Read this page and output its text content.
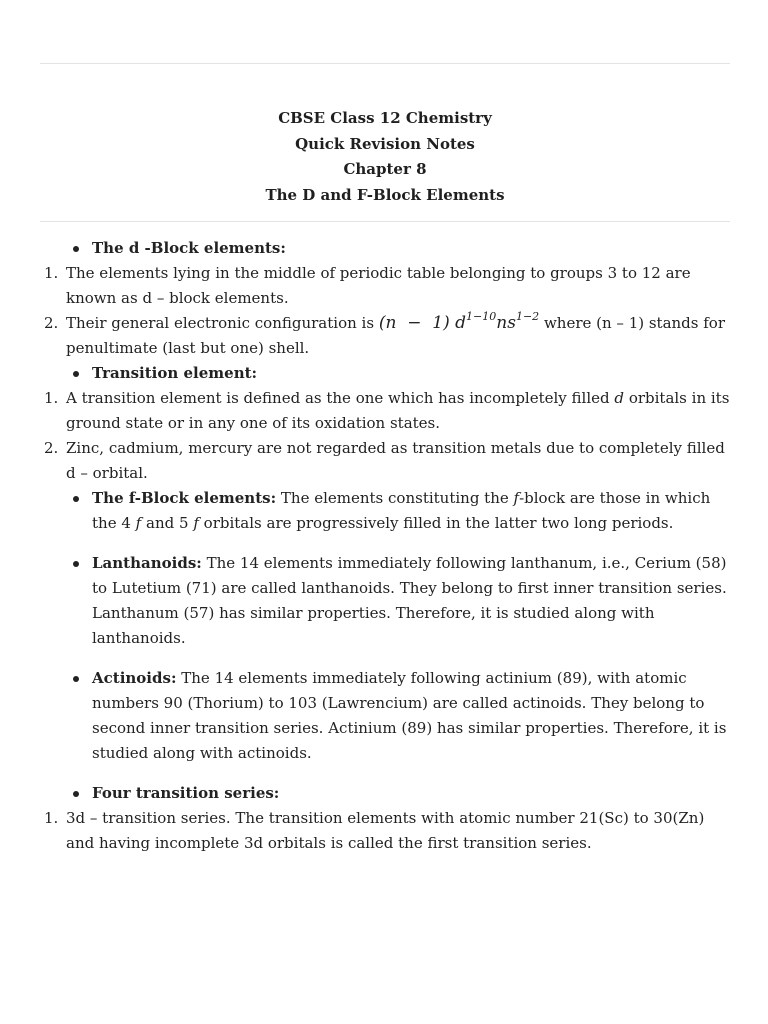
CBSE Class 12 Chemistry
Quick Revision Notes
Chapter 8
The D and F-Block Elements
The d -Block elements:
1. The elements lying in the middle of periodic table belonging to groups 3 to 12 are known as d – block elements.
2. Their general electronic configuration is (n − 1) $d^{1-10}ns^{1-2}$ where (n – 1) stands for penultimate (last but one) shell.
Transition element:
1. A transition element is defined as the one which has incompletely filled d orbitals in its ground state or in any one of its oxidation states.
2. Zinc, cadmium, mercury are not regarded as transition metals due to completely filled d – orbital.
The f-Block elements: The elements constituting the f-block are those in which the 4 f and 5 f orbitals are progressively filled in the latter two long periods.
Lanthanoids: The 14 elements immediately following lanthanum, i.e., Cerium (58) to Lutetium (71) are called lanthanoids. They belong to first inner transition series. Lanthanum (57) has similar properties. Therefore, it is studied along with lanthanoids.
Actinoids: The 14 elements immediately following actinium (89), with atomic numbers 90 (Thorium) to 103 (Lawrencium) are called actinoids. They belong to second inner transition series. Actinium (89) has similar properties. Therefore, it is studied along with actinoids.
Four transition series:
1. 3d – transition series. The transition elements with atomic number 21(Sc) to 30(Zn) and having incomplete 3d orbitals is called the first transition series.
